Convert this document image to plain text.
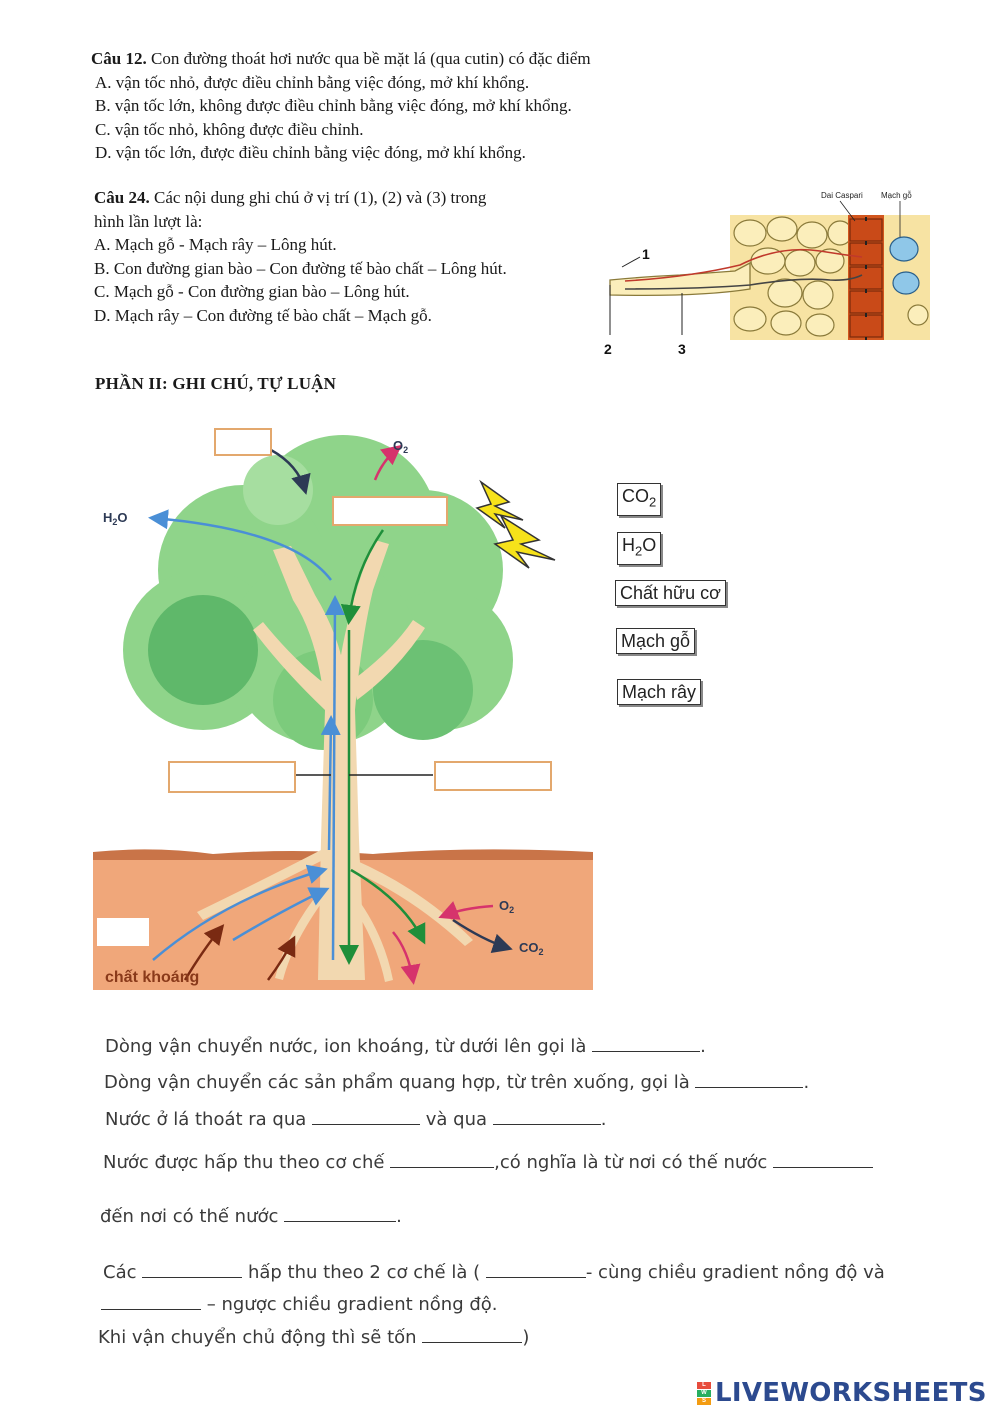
Câu 12. Con đường thoát hơi nước qua bề mặt lá (qua cutin) có đặc điểm
A. vận tốc nhỏ, được điều chỉnh bằng việc đóng, mở khí khổng.
B. vận tốc lớn, không được điều chỉnh bằng việc đóng, mở khí khổng.
C. vận tốc nhỏ, không được điều chỉnh.
D. vận tốc lớn, được điều chỉnh bằng việc đóng, mở khí khổng.
Câu 24. Các nội dung ghi chú ở vị trí (1), (2) và (3) trong
hình lần lượt là:
A. Mạch gỗ - Mạch rây – Lông hút.
B. Con đường gian bào – Con đường tế bào chất – Lông hút.
C. Mạch gỗ - Con đường gian bào – Lông hút.
D. Mạch rây – Con đường tế bào chất – Mạch gỗ.
Dai Caspari Mạch gỗ
1
2	3
PHẦN II: GHI CHÚ, TỰ LUẬN
$O_2$
$H_2O$
$O_2$
$CO_2$
chất khoáng
$CO_2$
$H_2O$
Chất hữu cơ
Mạch gỗ
Mạch rây
Dòng vận chuyển nước, ion khoáng, từ dưới lên gọi là	.
Dòng vận chuyển các sản phẩm quang hợp, từ trên xuống, gọi là	.
Nước ở lá thoát ra qua	và qua	.
Nước được hấp thu theo cơ chế	,có nghĩa là từ nơi có thế nước
đến nơi có thế nước	.
Các	hấp thu theo 2 cơ chế là (	- cùng chiều gradient nồng độ và
– ngược chiều gradient nồng độ.
Khi vận chuyển chủ động thì sẽ tốn	)
L
W
S LIVEWORKSHEETS
